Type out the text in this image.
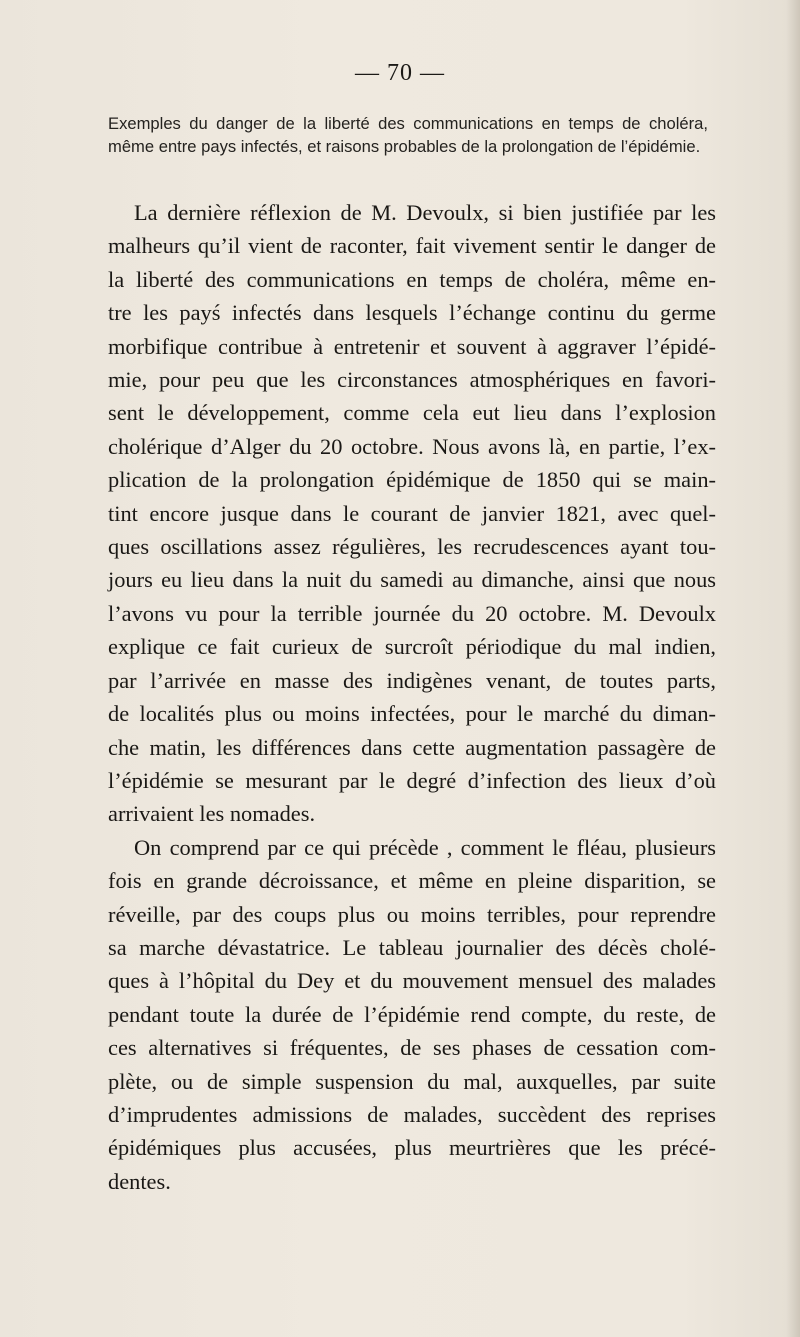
— 70 —
Exemples du danger de la liberté des communications en temps de choléra, même entre pays infectés, et raisons probables de la prolongation de l’épidémie.
La dernière réflexion de M. Devoulx, si bien justifiée par les
malheurs qu’il vient de raconter, fait vivement sentir le danger de
la liberté des communications en temps de choléra, même en-
tre les payś infectés dans lesquels l’échange continu du germe
morbifique contribue à entretenir et souvent à aggraver l’épidé-
mie, pour peu que les circonstances atmosphériques en favori-
sent le développement, comme cela eut lieu dans l’explosion
cholérique d’Alger du 20 octobre. Nous avons là, en partie, l’ex-
plication de la prolongation épidémique de 1850 qui se main-
tint encore jusque dans le courant de janvier 1821, avec quel-
ques oscillations assez régulières, les recrudescences ayant tou-
jours eu lieu dans la nuit du samedi au dimanche, ainsi que nous
l’avons vu pour la terrible journée du 20 octobre. M. Devoulx
explique ce fait curieux de surcroît périodique du mal indien,
par l’arrivée en masse des indigènes venant, de toutes parts,
de localités plus ou moins infectées, pour le marché du diman-
che matin, les différences dans cette augmentation passagère de
l’épidémie se mesurant par le degré d’infection des lieux d’où
arrivaient les nomades.
On comprend par ce qui précède , comment le fléau, plusieurs
fois en grande décroissance, et même en pleine disparition, se
réveille, par des coups plus ou moins terribles, pour reprendre
sa marche dévastatrice. Le tableau journalier des décès cholé-
ques à l’hôpital du Dey et du mouvement mensuel des malades
pendant toute la durée de l’épidémie rend compte, du reste, de
ces alternatives si fréquentes, de ses phases de cessation com-
plète, ou de simple suspension du mal, auxquelles, par suite
d’imprudentes admissions de malades, succèdent des reprises
épidémiques plus accusées, plus meurtrières que les précé-
dentes.
